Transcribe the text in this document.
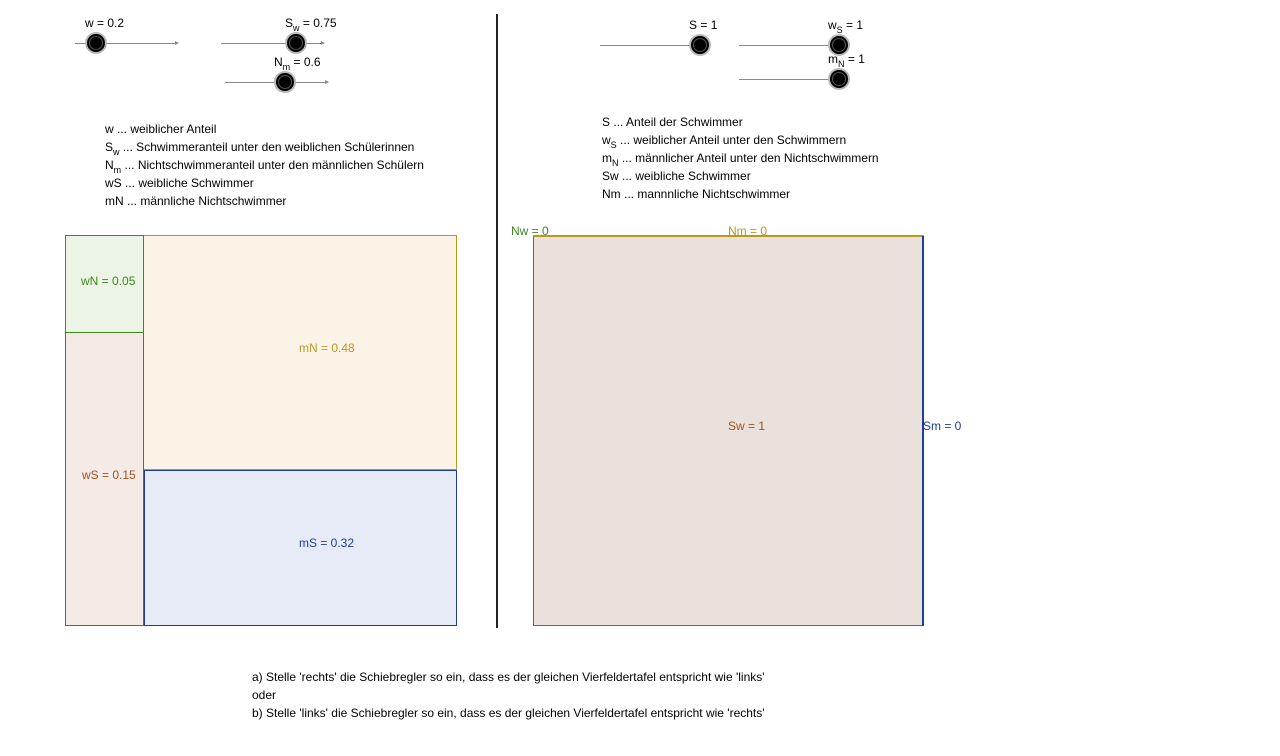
w = 0.2	$S_w = 0.75$
$N_m = 0.6$
w ... weiblicher Anteil
$S_w$ ... Schwimmeranteil unter den weiblichen Schülerinnen
$N_m$ ... Nichtschwimmeranteil unter den männlichen Schülern
wS ... weibliche Schwimmer
mN ... männliche Nichtschwimmer
wN = 0.05
mN = 0.48
wS = 0.15
mS = 0.32
S = 1	$w_S = 1$
$m_N = 1$
S ... Anteil der Schwimmer
$w_S$ ... weiblicher Anteil unter den Schwimmern
$m_N$ ... männlicher Anteil unter den Nichtschwimmern
Sw ... weibliche Schwimmer
Nm ... mannnliche Nichtschwimmer
Nw = 0	Nm = 0
Sw = 1	Sm = 0
a) Stelle 'rechts' die Schiebregler so ein, dass es der gleichen Vierfeldertafel entspricht wie 'links'
oder
b) Stelle 'links' die Schiebregler so ein, dass es der gleichen Vierfeldertafel entspricht wie 'rechts'
